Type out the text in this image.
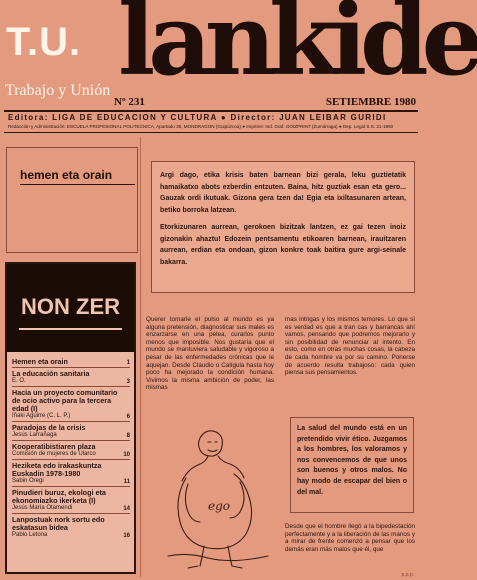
T.U.
Trabajo y Unión lankide
Nº 231	SETIEMBRE 1980
Editora: LIGA DE EDUCACION Y CULTURA ● Director: JUAN LEIBAR GURIDI
Redacción y Administración: ESCUELA PROFESIONAL POLITECNICA, Apartado 35, MONDRAGON (Guipúzcoa) ● Imprime: Ind. Graf. GOIZPRINT (Zumárraga) ● Dep. Legal S.S. 21-1960
hemen eta orain
NON ZER
Hemen eta orain	1
La educación sanitaria
E. O.	3
Hacia un proyecto comunitario de ocio activo para la tercera edad (I)
Iñaki Aguirre (C. L. P.)	6
Paradojas de la crisis
Jesús Larrañaga	8
Kooperatibistiaren plaza
Comisión de mujeres de Ularco	10
Heziketa edo irakaskuntza Euskadin 1978-1980
Sabin Oregi	11
Pinudieri buruz, ekologi eta ekonomiazko ikerketa (I)
Jesús María Otamendi	14
Lanpostuak nork sortu edo eskatasun bidea
Pablo Letona	16

Argi dago, etika krisis baten barnean bizi gerala, leku guztietatik hamaikatxo abots ezberdin entzuten. Baina, hitz guztiak esan eta gero... Gauzak ordi ikutuak. Gizona gera tzen da! Egia eta ixiltasunaren artean, betiko borroka latzean.

Etorkizunaren aurrean, gerokoen bizitzak lantzen, ez gai tezen inoiz gizonakin ahaztu! Edozein pentsamentu etikoaren barnean, irauitzaren aurrean, erdian eta ondoan, gizon konkre toak baitira gure argi-seinale bakarra.

Querer tomarle el pulso al mundo es ya alguna pretensión, diagnosticar sus males es enzarzarse en una pelea, curarlos punto menos que imposible. Nos gustaría que el mundo se mantuviera saludable y vigoroso a pesar de las enfermedades crónicas que le aquejan. Desde Claudio o Calígula hasta hoy poco ha mejorado la condición humana. Vivimos la misma ambición de poder, las mismas
mas intrigas y los mismos temores. Lo que sí es verdad es que a tran cas y barrancas ahí vamos, pensando que podremos mejorarlo y sin posibilidad de renunciar al intento. En esto, como en otras muchas cosas, la cabeza de cada hombre va por su camino. Ponerse de acuerdo resulta trabajoso: cada quien piensa sus pensamientos.

La salud del mundo está en un pretendido vivir ético. Juzgamos a los hombres, los valoramos y nos convencemos de que unos son buenos y otros malos. No hay modo de escapar del bien o del mal.

Desde que el hombre llegó a la bipedestación perfectamente y a la liberación de las manos y a mirar de frente comenzó a pensar que los demás eran más malos que él, que
ego
p.p.p.
